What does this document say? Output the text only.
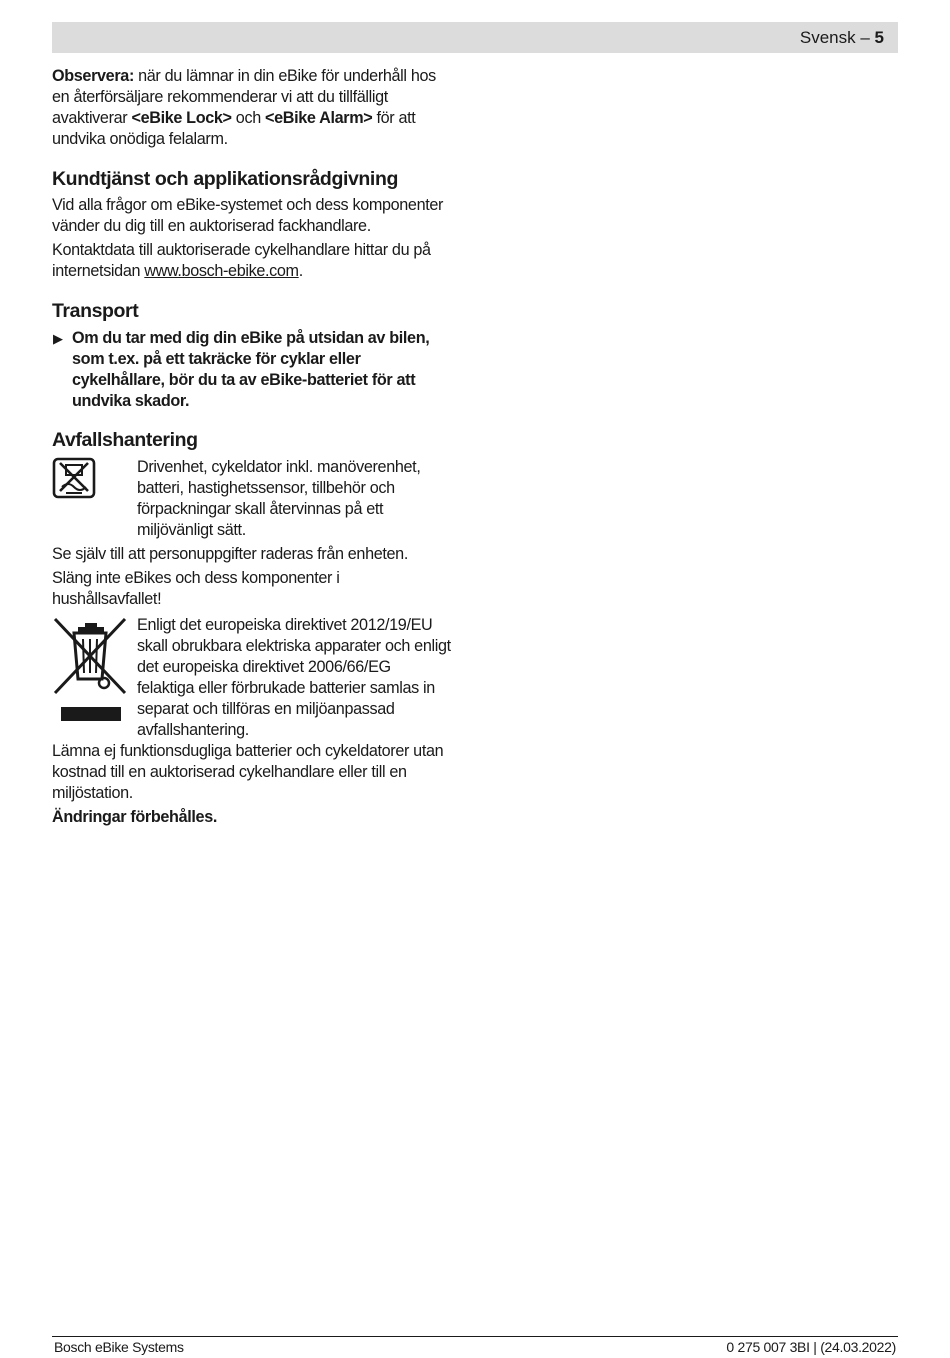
Svensk – 5

Observera: när du lämnar in din eBike för underhåll hos en återförsäljare rekommenderar vi att du tillfälligt avaktiverar <eBike Lock> och <eBike Alarm> för att undvika onödiga felalarm.

Kundtjänst och applikationsrådgivning

Vid alla frågor om eBike-systemet och dess komponenter vänder du dig till en auktoriserad fackhandlare.

Kontaktdata till auktoriserade cykelhandlare hittar du på internetsidan www.bosch-ebike.com.

Transport

▶ Om du tar med dig din eBike på utsidan av bilen, som t.ex. på ett takräcke för cyklar eller cykelhållare, bör du ta av eBike-batteriet för att undvika skador.

Avfallshantering

Drivenhet, cykeldator inkl. manöverenhet, batteri, hastighetssensor, tillbehör och förpackningar skall återvinnas på ett miljövänligt sätt.

Se själv till att personuppgifter raderas från enheten.

Släng inte eBikes och dess komponenter i hushållsavfallet!

Enligt det europeiska direktivet 2012/19/EU skall obrukbara elektriska apparater och enligt det europeiska direktivet 2006/66/EG felaktiga eller förbrukade batterier samlas in separat och tillföras en miljöanpassad avfallshantering.

Lämna ej funktionsdugliga batterier och cykeldatorer utan kostnad till en auktoriserad cykelhandlare eller till en miljöstation.

Ändringar förbehålles.

Bosch eBike Systems	0 275 007 3BI | (24.03.2022)
